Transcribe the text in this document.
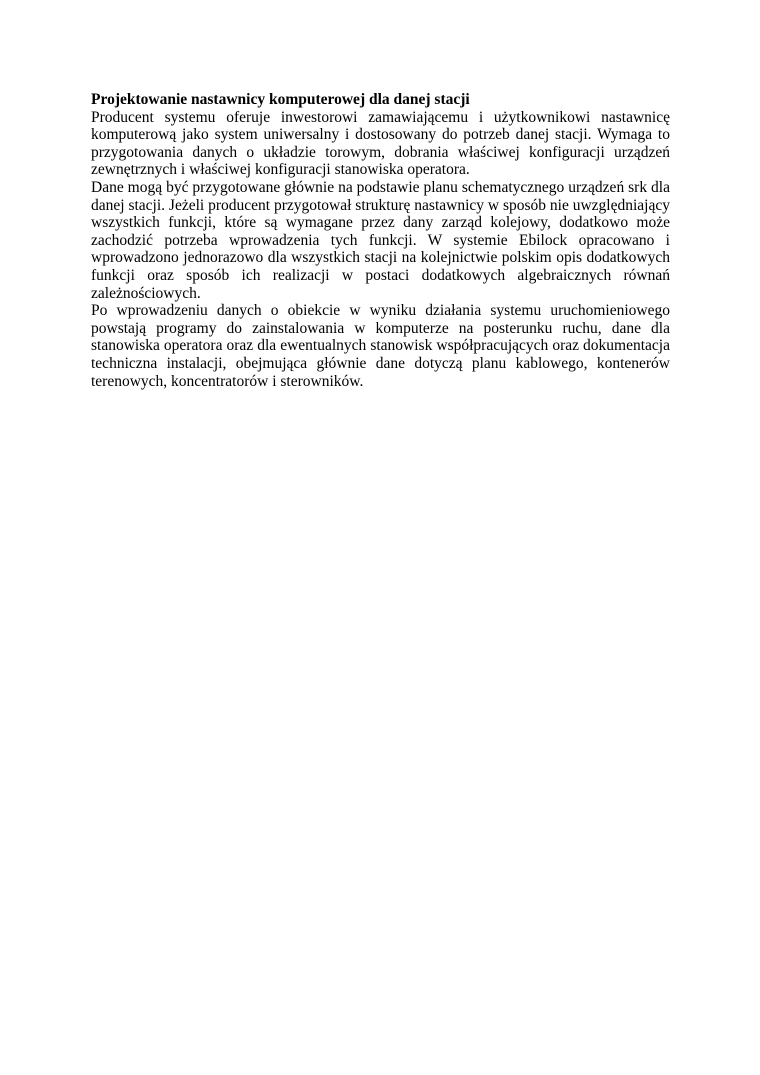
Projektowanie nastawnicy komputerowej dla danej stacji

Producent systemu oferuje inwestorowi zamawiającemu i użytkownikowi nastawnicę komputerową jako system uniwersalny i dostosowany do potrzeb danej stacji. Wymaga to przygotowania danych o układzie torowym, dobrania właściwej konfiguracji urządzeń zewnętrznych i właściwej konfiguracji stanowiska operatora.

Dane mogą być przygotowane głównie na podstawie planu schematycznego urządzeń srk dla danej stacji. Jeżeli producent przygotował strukturę nastawnicy w sposób nie uwzględniający wszystkich funkcji, które są wymagane przez dany zarząd kolejowy, dodatkowo może zachodzić potrzeba wprowadzenia tych funkcji. W systemie Ebilock opracowano i wprowadzono jednorazowo dla wszystkich stacji na kolejnictwie polskim opis dodatkowych funkcji oraz sposób ich realizacji w postaci dodatkowych algebraicznych równań zależnościowych.

Po wprowadzeniu danych o obiekcie w wyniku działania systemu uruchomieniowego powstają programy do zainstalowania w komputerze na posterunku ruchu, dane dla stanowiska operatora oraz dla ewentualnych stanowisk współpracujących oraz dokumentacja techniczna instalacji, obejmująca głównie dane dotyczą planu kablowego, kontenerów terenowych, koncentratorów i sterowników.
